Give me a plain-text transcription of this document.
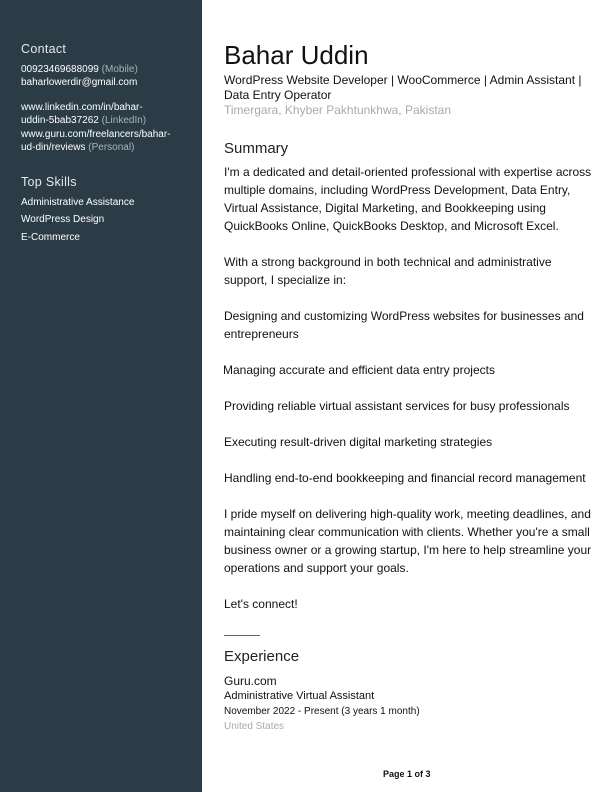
Contact
00923469688099 (Mobile)
baharlowerdir@gmail.com
www.linkedin.com/in/bahar-
uddin-5bab37262 (LinkedIn)
www.guru.com/freelancers/bahar-
ud-din/reviews (Personal)
Top Skills
Administrative Assistance
WordPress Design
E-Commerce
Bahar Uddin
WordPress Website Developer | WooCommerce | Admin Assistant | Data Entry Operator
Timergara, Khyber Pakhtunkhwa, Pakistan
Summary

I'm a dedicated and detail-oriented professional with expertise across multiple domains, including WordPress Development, Data Entry, Virtual Assistance, Digital Marketing, and Bookkeeping using QuickBooks Online, QuickBooks Desktop, and Microsoft Excel.

With a strong background in both technical and administrative support, I specialize in:

Designing and customizing WordPress websites for businesses and entrepreneurs

Managing accurate and efficient data entry projects

Providing reliable virtual assistant services for busy professionals

Executing result-driven digital marketing strategies

Handling end-to-end bookkeeping and financial record management

I pride myself on delivering high-quality work, meeting deadlines, and maintaining clear communication with clients. Whether you're a small business owner or a growing startup, I'm here to help streamline your operations and support your goals.

Let's connect!

Experience
Guru.com
Administrative Virtual Assistant
November 2022 - Present (3 years 1 month)
United States
Page 1 of 3
